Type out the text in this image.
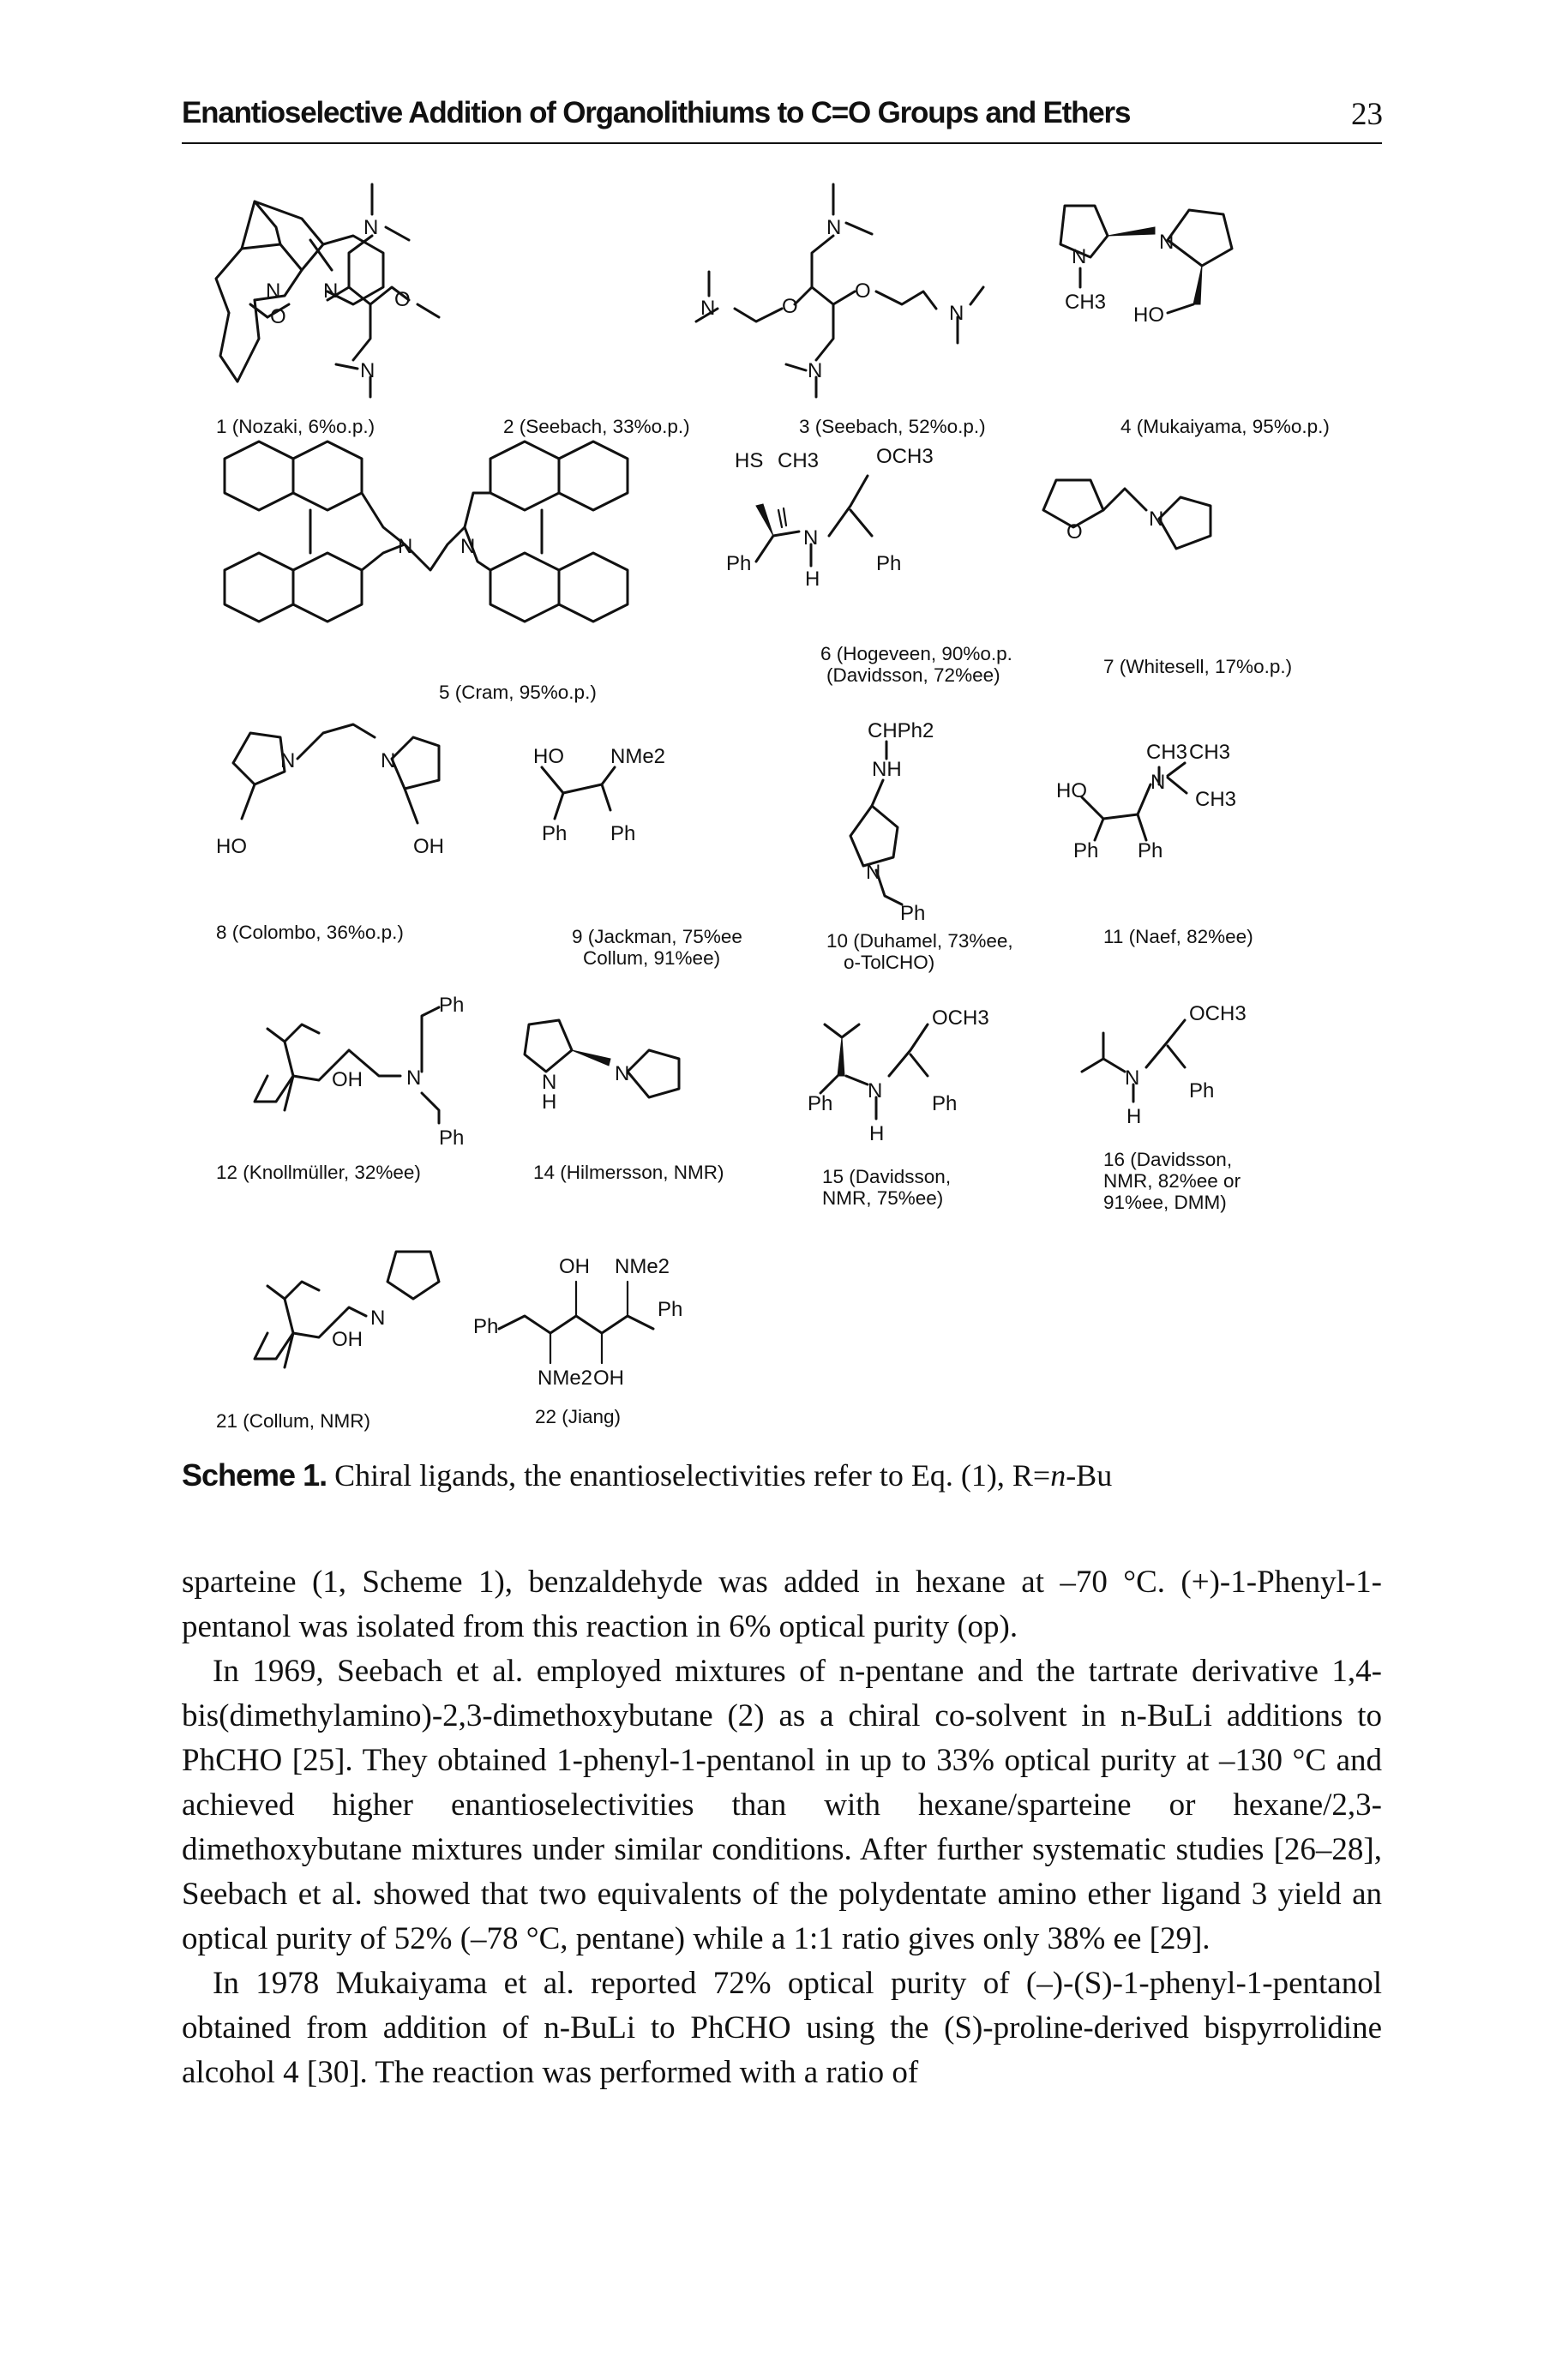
Enantioselective Addition of Organolithiums to C=O Groups and Ethers	23
N N
1 (Nozaki, 6%o.p.)
N
O
O
N
2 (Seebach, 33%o.p.)
N
O
O
N
N
N
3 (Seebach, 52%o.p.)
N
N
CH3
HO
4 (Mukaiyama, 95%o.p.)
N N
5 (Cram, 95%o.p.)
HS CH3	OCH3
Ph
N
Ph
H
6 (Hogeveen, 90%o.p.
(Davidsson, 72%ee)
O
N
7 (Whitesell, 17%o.p.)
N	N
HO	OH
8 (Colombo, 36%o.p.)
HO NMe2
Ph Ph
9 (Jackman, 75%ee
Collum, 91%ee)
CHPh2
NH
N
Ph
10 (Duhamel, 73%ee,
o-TolCHO)
HO
CH3 CH3
N
CH3
Ph Ph
11 (Naef, 82%ee)
OH N
Ph
Ph
12 (Knollmüller, 32%ee)
N
H
N
14 (Hilmersson, NMR)
Ph
N
OCH3
Ph
H
15 (Davidsson,
NMR, 75%ee)
N
OCH3
Ph
H
16 (Davidsson,
NMR, 82%ee or
91%ee, DMM)
OH
N
21 (Collum, NMR)
OH NMe2
Ph
Ph
NMe2 OH
22 (Jiang)
Scheme 1. Chiral ligands, the enantioselectivities refer to Eq. (1), R=n-Bu

sparteine (1, Scheme 1), benzaldehyde was added in hexane at –70 °C. (+)-1-Phenyl-1-pentanol was isolated from this reaction in 6% optical purity (op).

In 1969, Seebach et al. employed mixtures of n-pentane and the tartrate derivative 1,4-bis(dimethylamino)-2,3-dimethoxybutane (2) as a chiral co-solvent in n-BuLi additions to PhCHO [25]. They obtained 1-phenyl-1-pentanol in up to 33% optical purity at –130 °C and achieved higher enantioselectivities than with hexane/sparteine or hexane/2,3-dimethoxybutane mixtures under similar conditions. After further systematic studies [26–28], Seebach et al. showed that two equivalents of the polydentate amino ether ligand 3 yield an optical purity of 52% (–78 °C, pentane) while a 1:1 ratio gives only 38% ee [29].

In 1978 Mukaiyama et al. reported 72% optical purity of (–)-(S)-1-phenyl-1-pentanol obtained from addition of n-BuLi to PhCHO using the (S)-proline-derived bispyrrolidine alcohol 4 [30]. The reaction was performed with a ratio of
